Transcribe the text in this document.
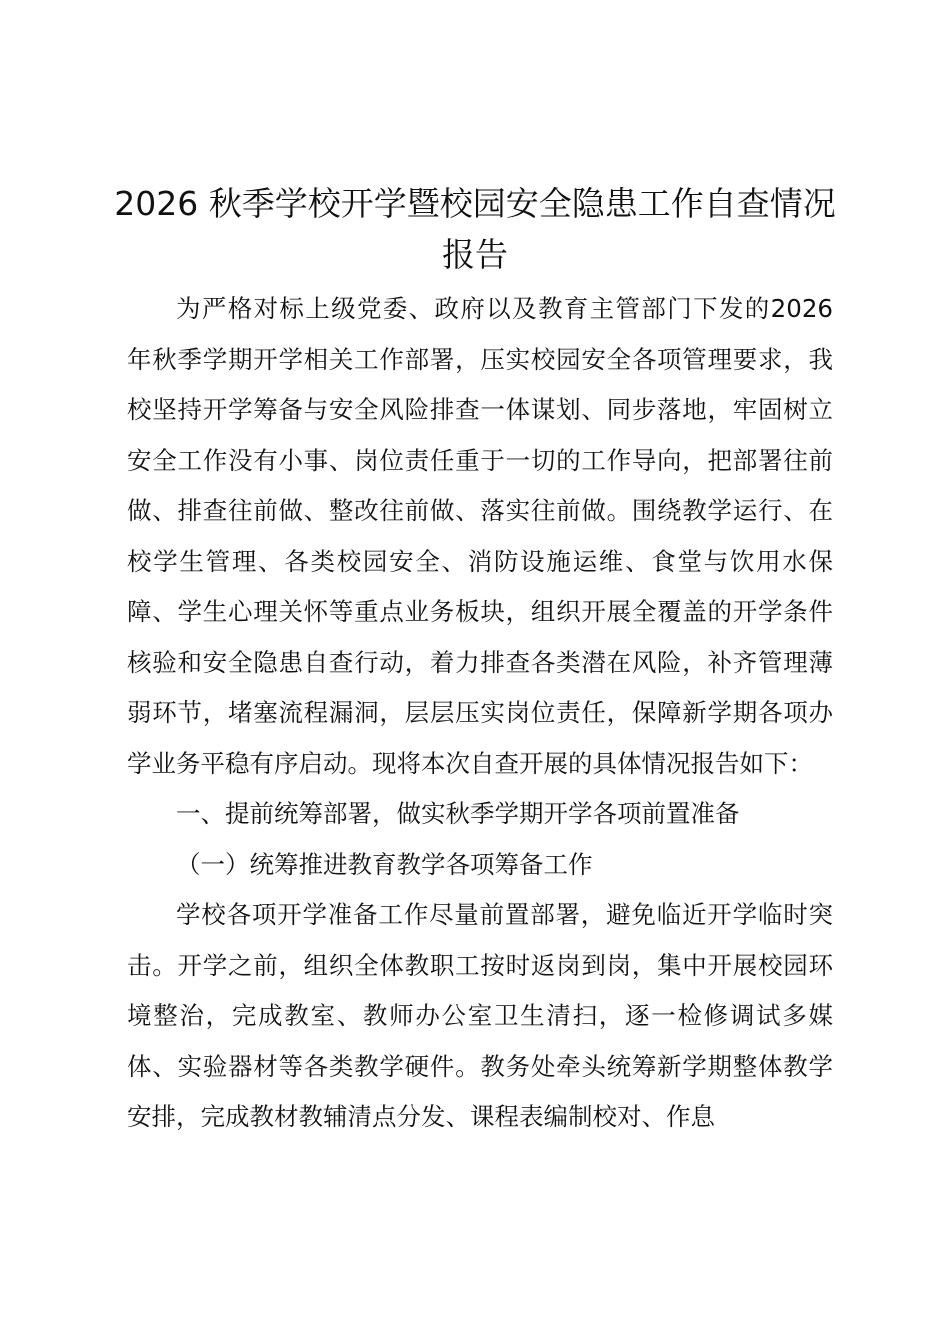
2026 秋季学校开学暨校园安全隐患工作自查情况报告

为严格对标上级党委、政府以及教育主管部门下发的2026 年秋季学期开学相关工作部署，压实校园安全各项管理要求，我校坚持开学筹备与安全风险排查一体谋划、同步落地，牢固树立安全工作没有小事、岗位责任重于一切的工作导向，把部署往前做、排查往前做、整改往前做、落实往前做。围绕教学运行、在校学生管理、各类校园安全、消防设施运维、食堂与饮用水保障、学生心理关怀等重点业务板块，组织开展全覆盖的开学条件核验和安全隐患自查行动，着力排查各类潜在风险，补齐管理薄弱环节，堵塞流程漏洞，层层压实岗位责任，保障新学期各项办学业务平稳有序启动。现将本次自查开展的具体情况报告如下：

一、提前统筹部署，做实秋季学期开学各项前置准备

（一）统筹推进教育教学各项筹备工作

学校各项开学准备工作尽量前置部署，避免临近开学临时突击。开学之前，组织全体教职工按时返岗到岗，集中开展校园环境整治，完成教室、教师办公室卫生清扫，逐一检修调试多媒体、实验器材等各类教学硬件。教务处牵头统筹新学期整体教学安排，完成教材教辅清点分发、课程表编制校对、作息
